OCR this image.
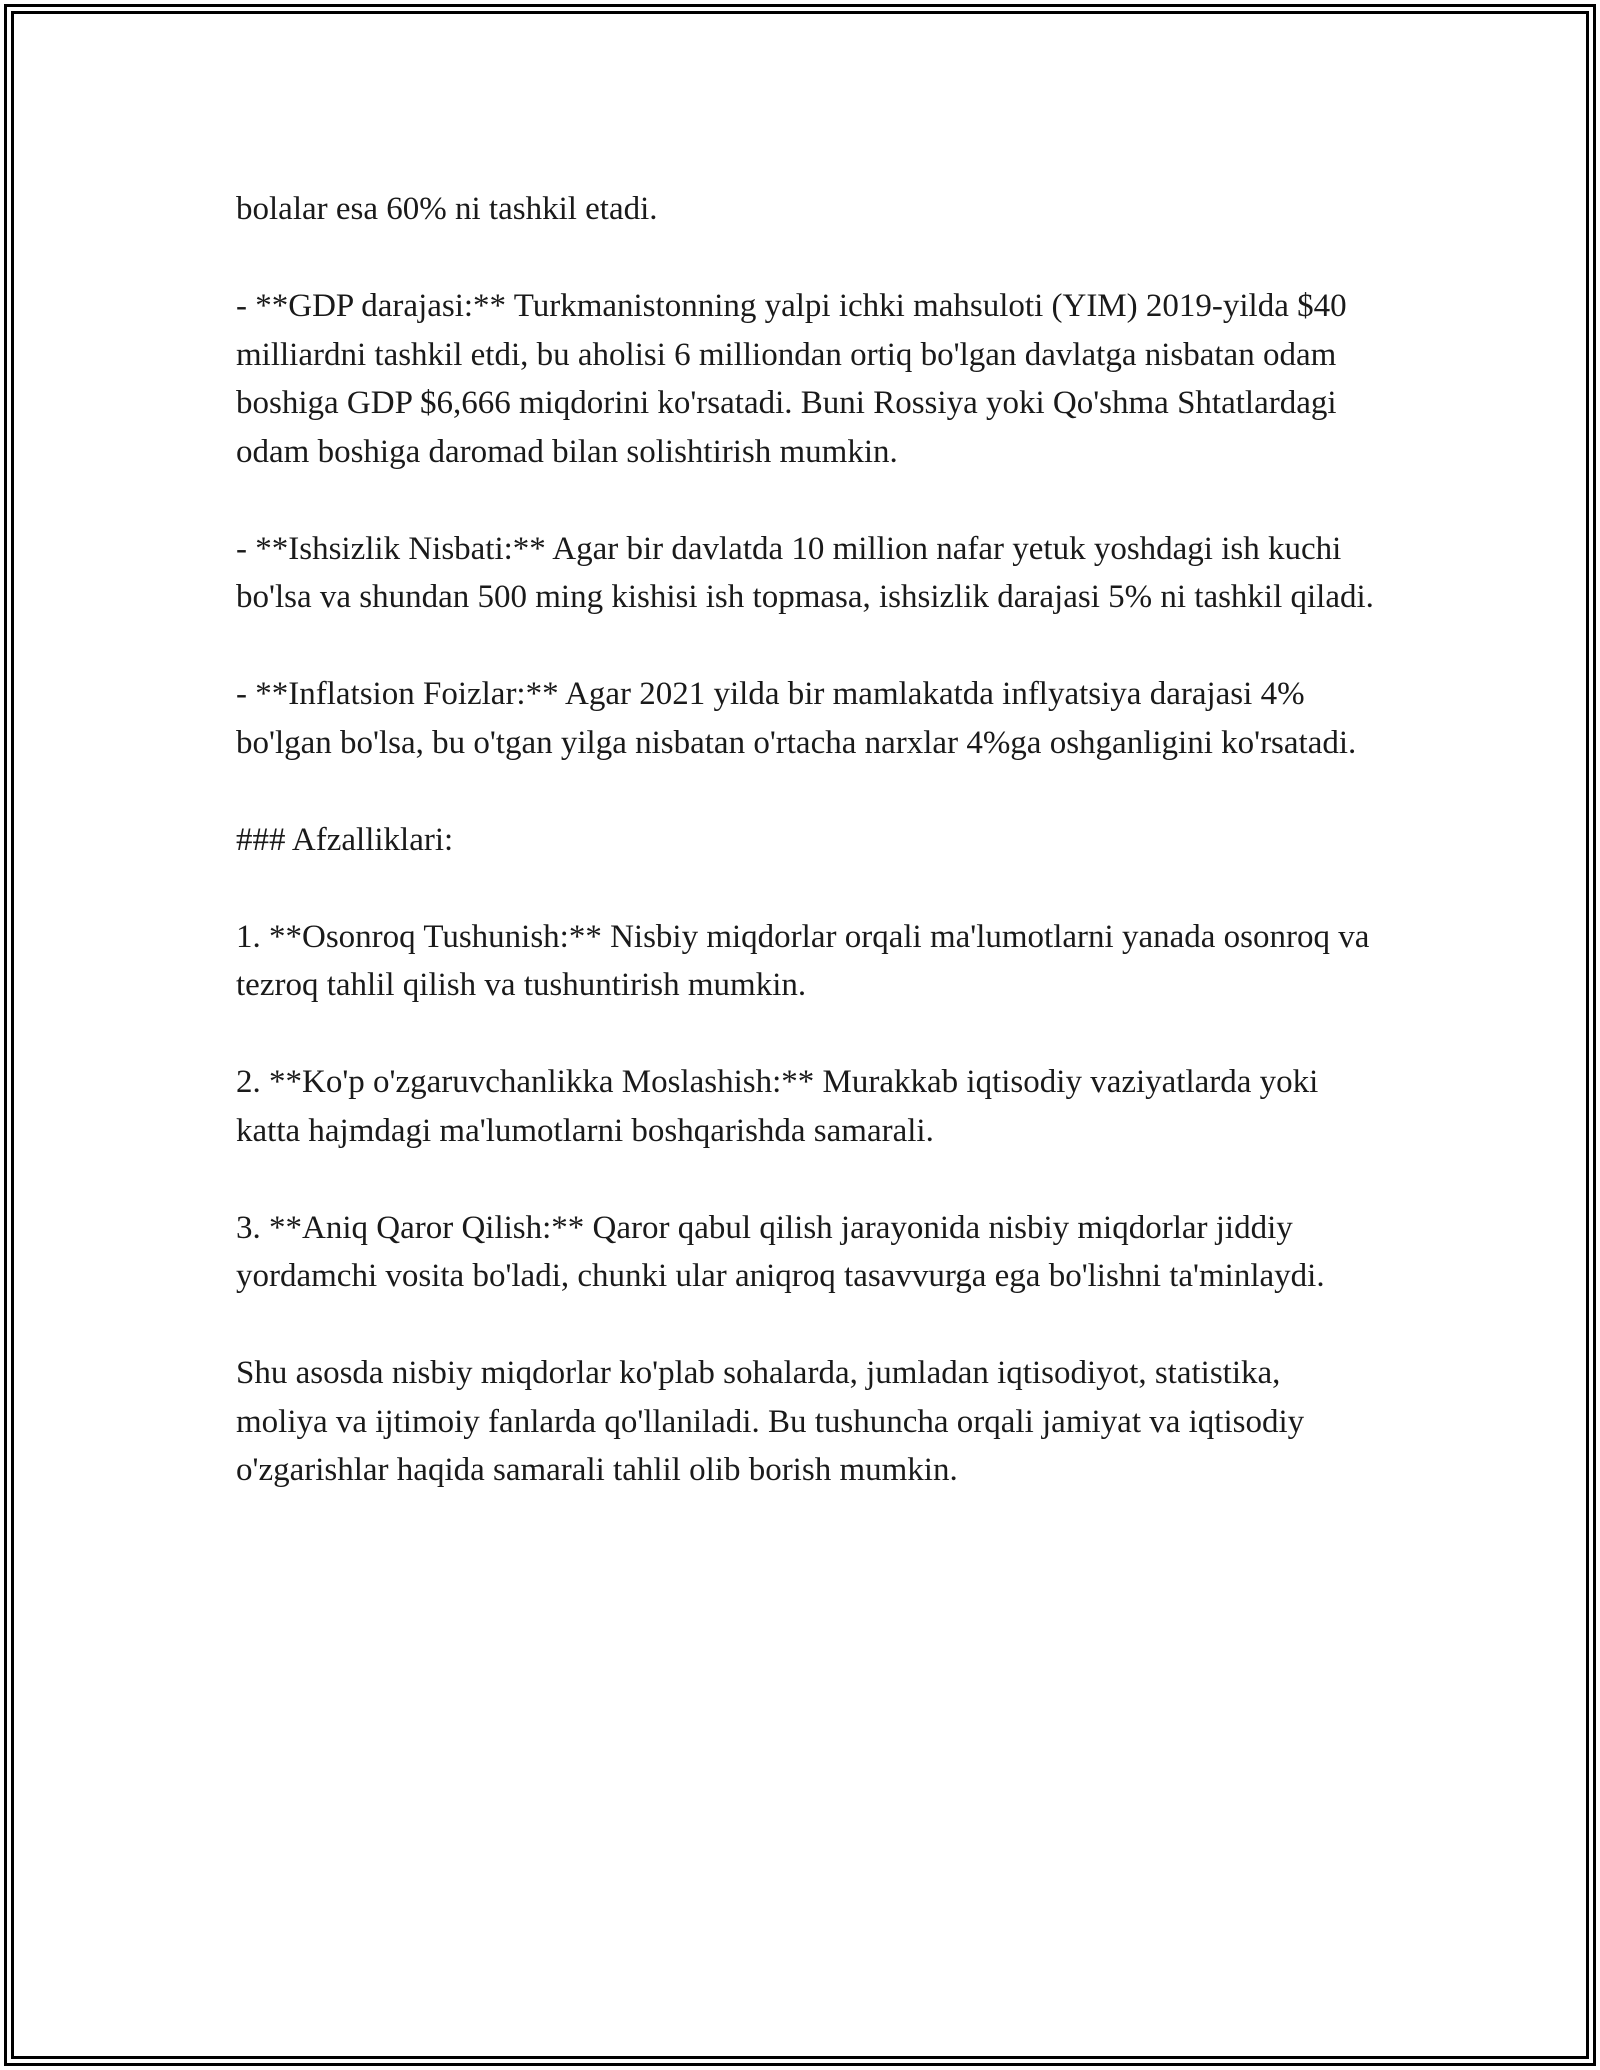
bolalar esa 60% ni tashkil etadi.

- **GDP darajasi:** Turkmanistonning yalpi ichki mahsuloti (YIM) 2019-yilda $40 milliardni tashkil etdi, bu aholisi 6 milliondan ortiq bo'lgan davlatga nisbatan odam boshiga GDP $6,666 miqdorini ko'rsatadi. Buni Rossiya yoki Qo'shma Shtatlardagi odam boshiga daromad bilan solishtirish mumkin.

- **Ishsizlik Nisbati:** Agar bir davlatda 10 million nafar yetuk yoshdagi ish kuchi bo'lsa va shundan 500 ming kishisi ish topmasa, ishsizlik darajasi 5% ni tashkil qiladi.

- **Inflatsion Foizlar:** Agar 2021 yilda bir mamlakatda inflyatsiya darajasi 4% bo'lgan bo'lsa, bu o'tgan yilga nisbatan o'rtacha narxlar 4%ga oshganligini ko'rsatadi.

### Afzalliklari:

1. **Osonroq Tushunish:** Nisbiy miqdorlar orqali ma'lumotlarni yanada osonroq va tezroq tahlil qilish va tushuntirish mumkin.

2. **Ko'p o'zgaruvchanlikka Moslashish:** Murakkab iqtisodiy vaziyatlarda yoki katta hajmdagi ma'lumotlarni boshqarishda samarali.

3. **Aniq Qaror Qilish:** Qaror qabul qilish jarayonida nisbiy miqdorlar jiddiy yordamchi vosita bo'ladi, chunki ular aniqroq tasavvurga ega bo'lishni ta'minlaydi.

Shu asosda nisbiy miqdorlar ko'plab sohalarda, jumladan iqtisodiyot, statistika, moliya va ijtimoiy fanlarda qo'llaniladi. Bu tushuncha orqali jamiyat va iqtisodiy o'zgarishlar haqida samarali tahlil olib borish mumkin.
